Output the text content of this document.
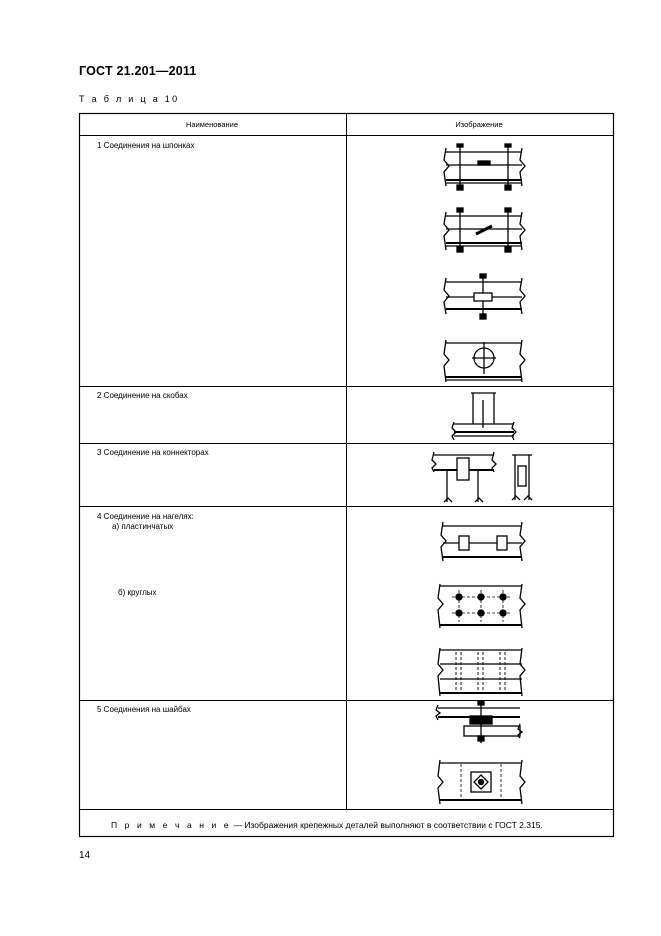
ГОСТ 21.201—2011
Т а б л и ц а 10
Наименование	Изображение
1 Соединения на шпонках
2 Соединение на скобах
3 Соединение на коннекторах
4 Соединение на нагелях:
а) пластинчатых
б) круглых
5 Соединения на шайбах
П р и м е ч а н и е — Изображения крепежных деталей выполняют в соответствии с ГОСТ 2.315.
14
